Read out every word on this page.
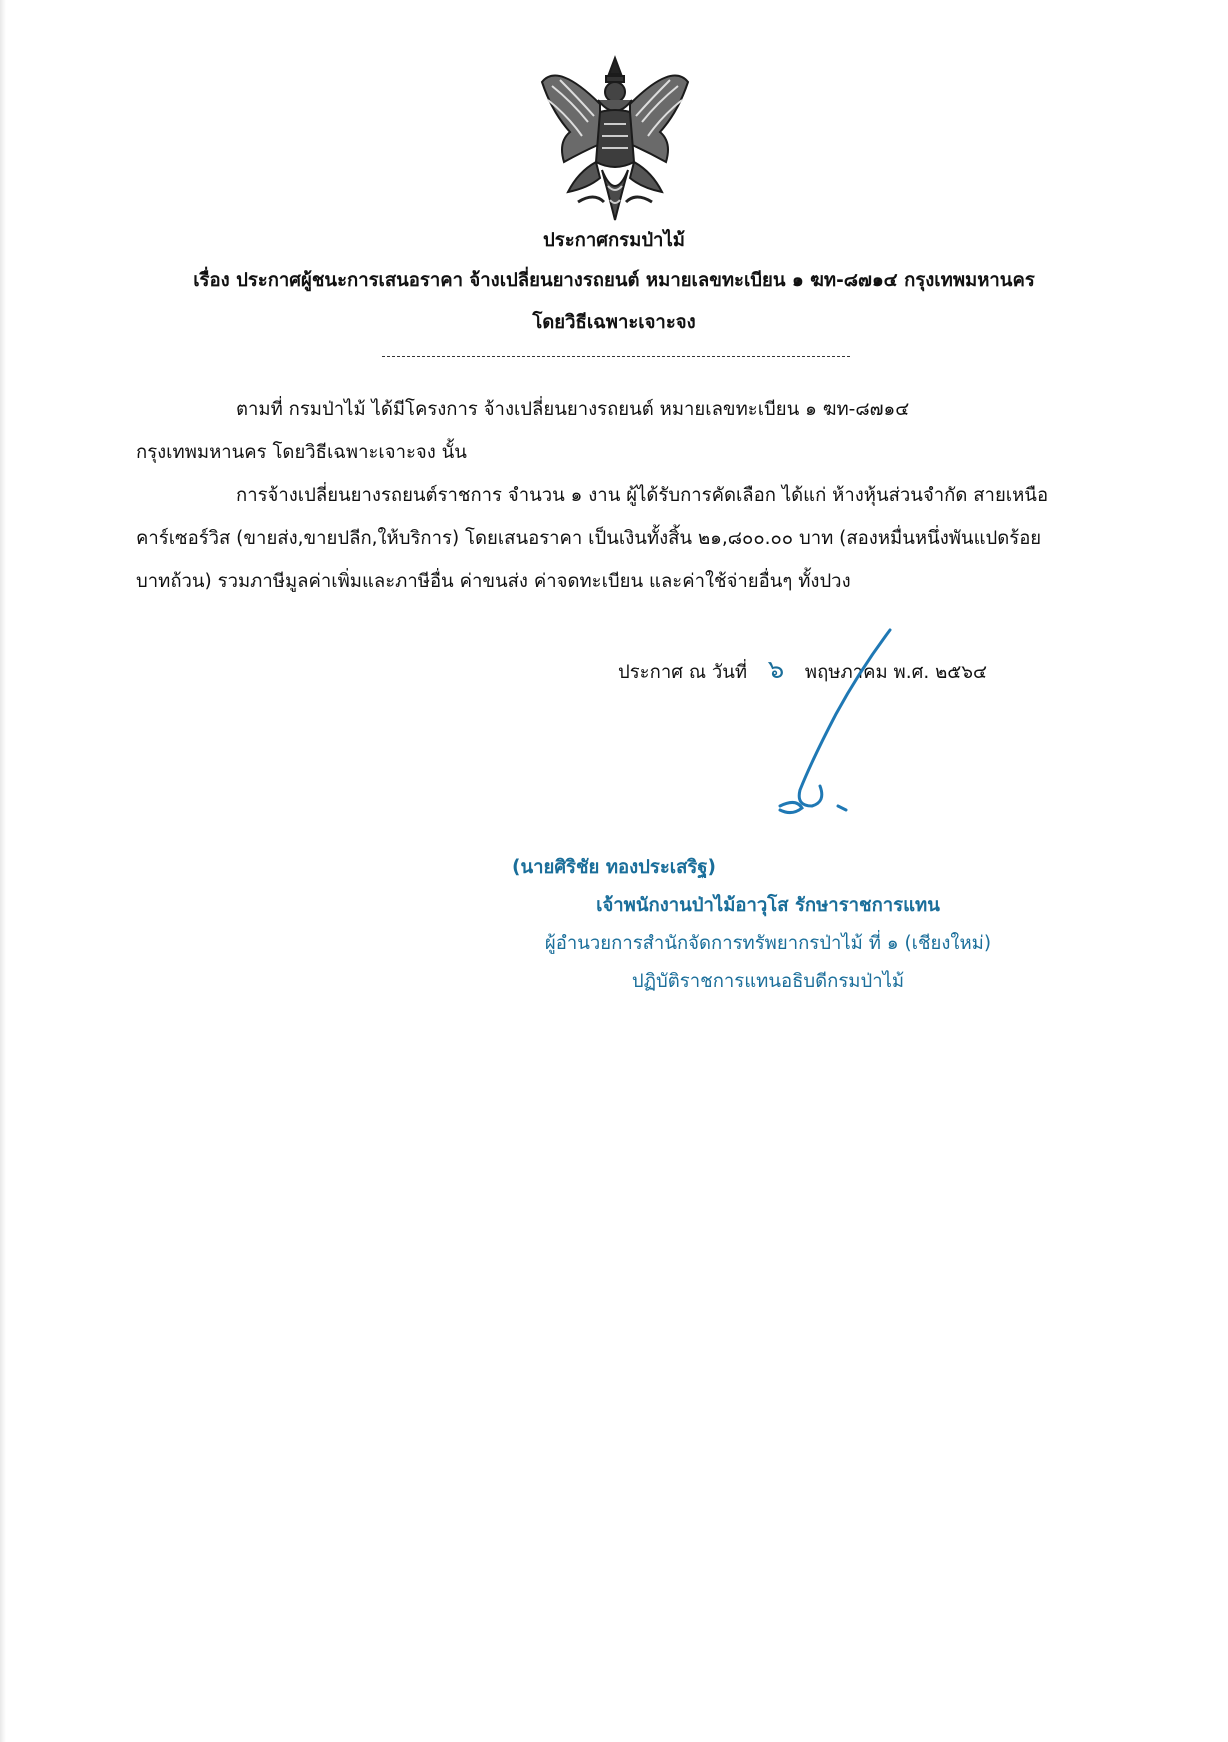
ประกาศกรมป่าไม้
เรื่อง ประกาศผู้ชนะการเสนอราคา จ้างเปลี่ยนยางรถยนต์ หมายเลขทะเบียน ๑ ฆท-๘๗๑๔ กรุงเทพมหานคร
โดยวิธีเฉพาะเจาะจง
ตามที่ กรมป่าไม้ ได้มีโครงการ จ้างเปลี่ยนยางรถยนต์ หมายเลขทะเบียน ๑ ฆท-๘๗๑๔
กรุงเทพมหานคร โดยวิธีเฉพาะเจาะจง นั้น
การจ้างเปลี่ยนยางรถยนต์ราชการ จำนวน ๑ งาน ผู้ได้รับการคัดเลือก ได้แก่ ห้างหุ้นส่วนจำกัด สายเหนือ
คาร์เซอร์วิส (ขายส่ง,ขายปลีก,ให้บริการ) โดยเสนอราคา เป็นเงินทั้งสิ้น ๒๑,๘๐๐.๐๐ บาท (สองหมื่นหนึ่งพันแปดร้อย
บาทถ้วน) รวมภาษีมูลค่าเพิ่มและภาษีอื่น ค่าขนส่ง ค่าจดทะเบียน และค่าใช้จ่ายอื่นๆ ทั้งปวง
ประกาศ ณ วันที่ ๖ พฤษภาคม พ.ศ. ๒๕๖๔
(นายศิริชัย ทองประเสริฐ)
เจ้าพนักงานป่าไม้อาวุโส รักษาราชการแทน
ผู้อำนวยการสำนักจัดการทรัพยากรป่าไม้ ที่ ๑ (เชียงใหม่)
ปฏิบัติราชการแทนอธิบดีกรมป่าไม้
